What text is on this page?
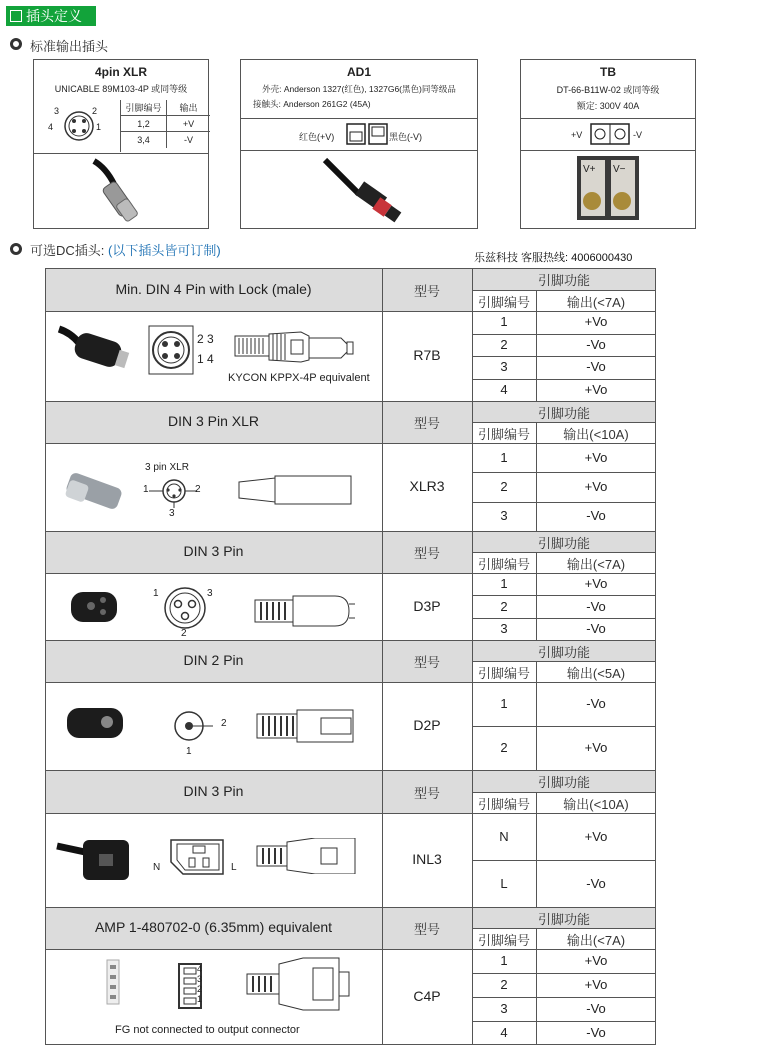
插头定义
标准输出插头
4pin XLR
UNICABLE 89M103-4P 或同等级
3	2
4	1
引脚编号	输出
1,2	+V
3,4	-V
AD1
外壳: Anderson 1327(红色), 1327G6(黑色)同等级品
接触头: Anderson 261G2 (45A)
红色(+V)	黑色(-V)
TB
DT-66-B11W-02 或同等级
额定: 300V 40A
+V	-V
V+ V−
可选DC插头: (以下插头皆可订制)	乐兹科技 客服热线: 4006000430
Min. DIN 4 Pin with Lock (male)	型号
引脚功能
引脚编号	输出(<7A)
R7B
1	+Vo
2	-Vo
3	-Vo
4	+Vo
DIN 3 Pin XLR	型号
引脚功能
引脚编号	输出(<10A)
XLR3
1	+Vo
2	+Vo
3	-Vo
DIN 3 Pin	型号
引脚功能
引脚编号	输出(<7A)
D3P
1	+Vo
2	-Vo
3	-Vo
DIN 2 Pin	型号
引脚功能
引脚编号	输出(<5A)
D2P
1	-Vo
2	+Vo
DIN 3 Pin	型号
引脚功能
引脚编号	输出(<10A)
INL3
N	+Vo
L	-Vo
AMP 1-480702-0 (6.35mm) equivalent	型号
引脚功能
引脚编号	输出(<7A)
C4P
1	+Vo
2	+Vo
3	-Vo
4	-Vo
2 3
1 4
KYCON KPPX-4P equivalent
3 pin XLR
1	2
3
1	3
2
2
1
N	L
4
3
2
1
FG not connected to output connector
